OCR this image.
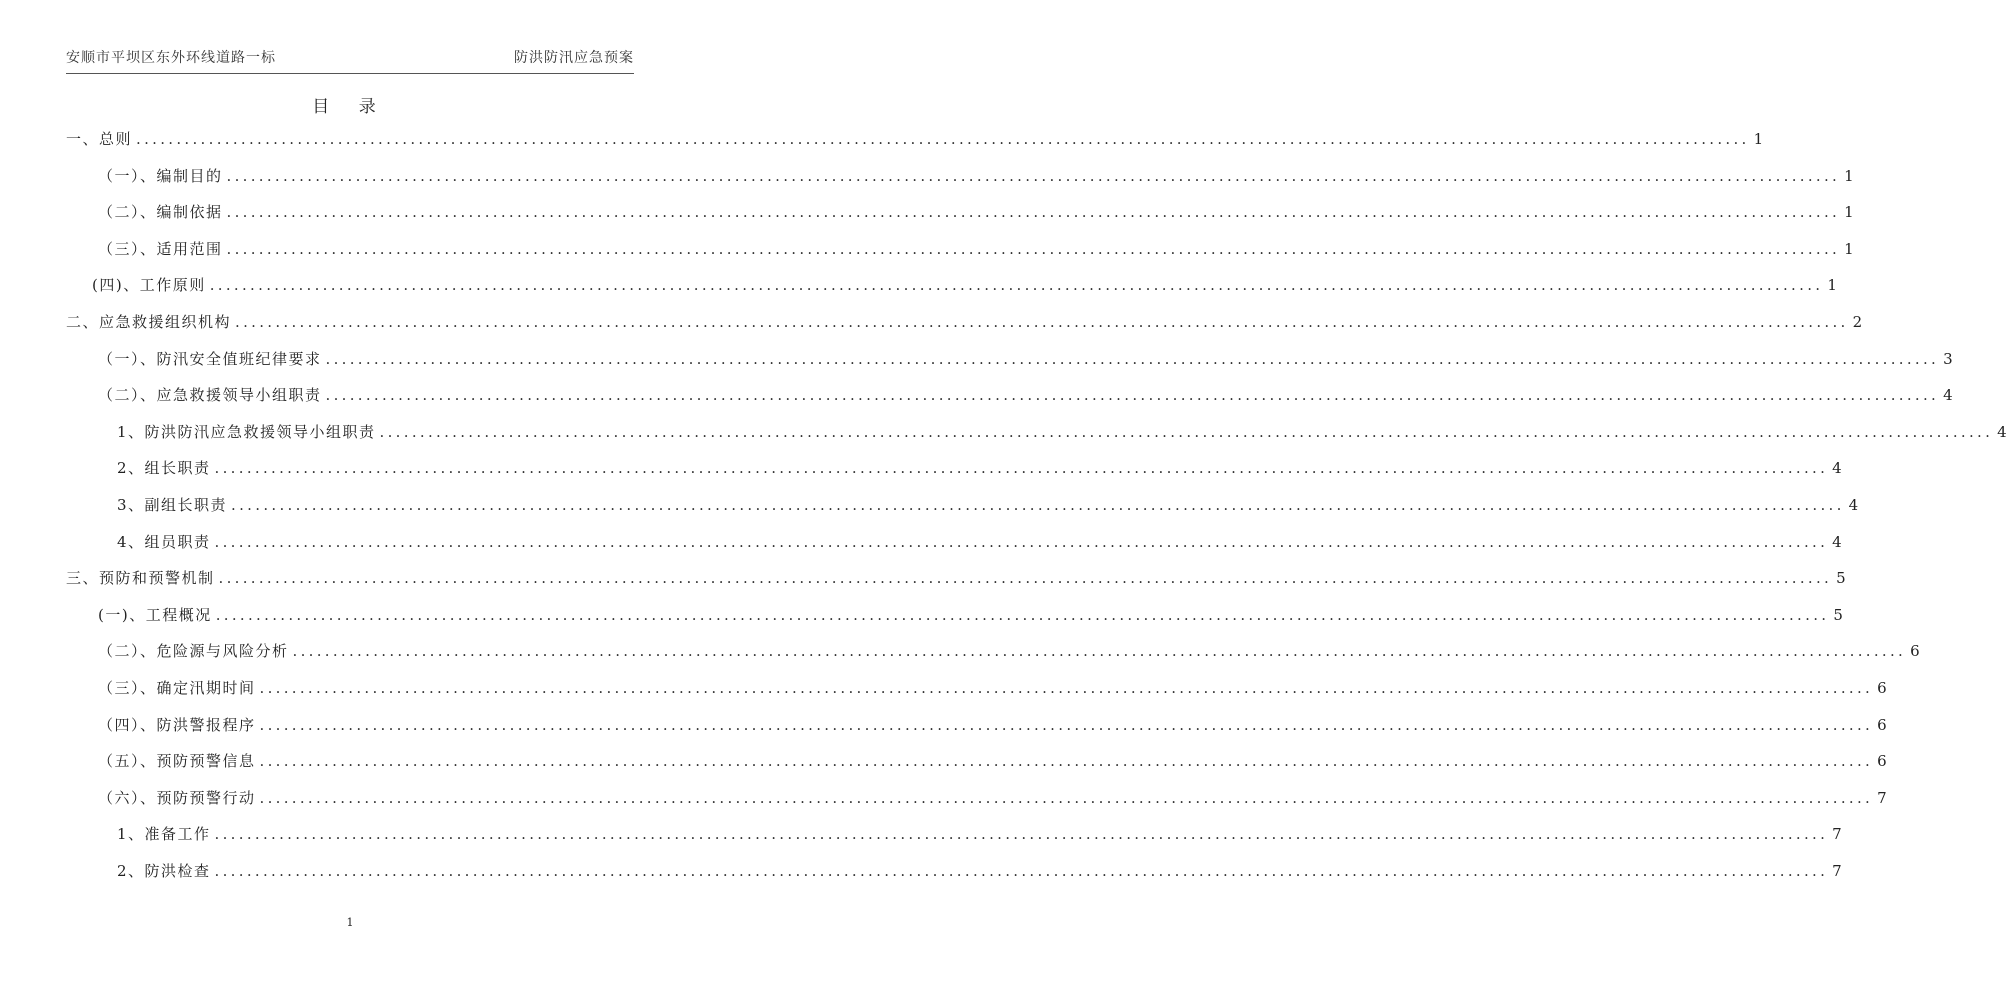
安顺市平坝区东外环线道路一标	防洪防汛应急预案
目 录
一、总则 ........................................................................................................................................................................................................ 1
（一）、编制目的 ........................................................................................................................................................................................................ 1
（二）、编制依据 ........................................................................................................................................................................................................ 1
（三）、适用范围 ........................................................................................................................................................................................................ 1
(四)、工作原则 ........................................................................................................................................................................................................ 1
二、应急救援组织机构 ........................................................................................................................................................................................................ 2
（一）、防汛安全值班纪律要求 ........................................................................................................................................................................................................ 3
（二）、应急救援领导小组职责 ........................................................................................................................................................................................................ 4
1、防洪防汛应急救援领导小组职责 ........................................................................................................................................................................................................ 4
2、组长职责 ........................................................................................................................................................................................................ 4
3、副组长职责 ........................................................................................................................................................................................................ 4
4、组员职责 ........................................................................................................................................................................................................ 4
三、预防和预警机制 ........................................................................................................................................................................................................ 5
(一)、工程概况 ........................................................................................................................................................................................................ 5
（二）、危险源与风险分析 ........................................................................................................................................................................................................ 6
（三）、确定汛期时间 ........................................................................................................................................................................................................ 6
（四）、防洪警报程序 ........................................................................................................................................................................................................ 6
（五）、预防预警信息 ........................................................................................................................................................................................................ 6
（六）、预防预警行动 ........................................................................................................................................................................................................ 7
1、准备工作 ........................................................................................................................................................................................................ 7
2、防洪检查 ........................................................................................................................................................................................................ 7
1
